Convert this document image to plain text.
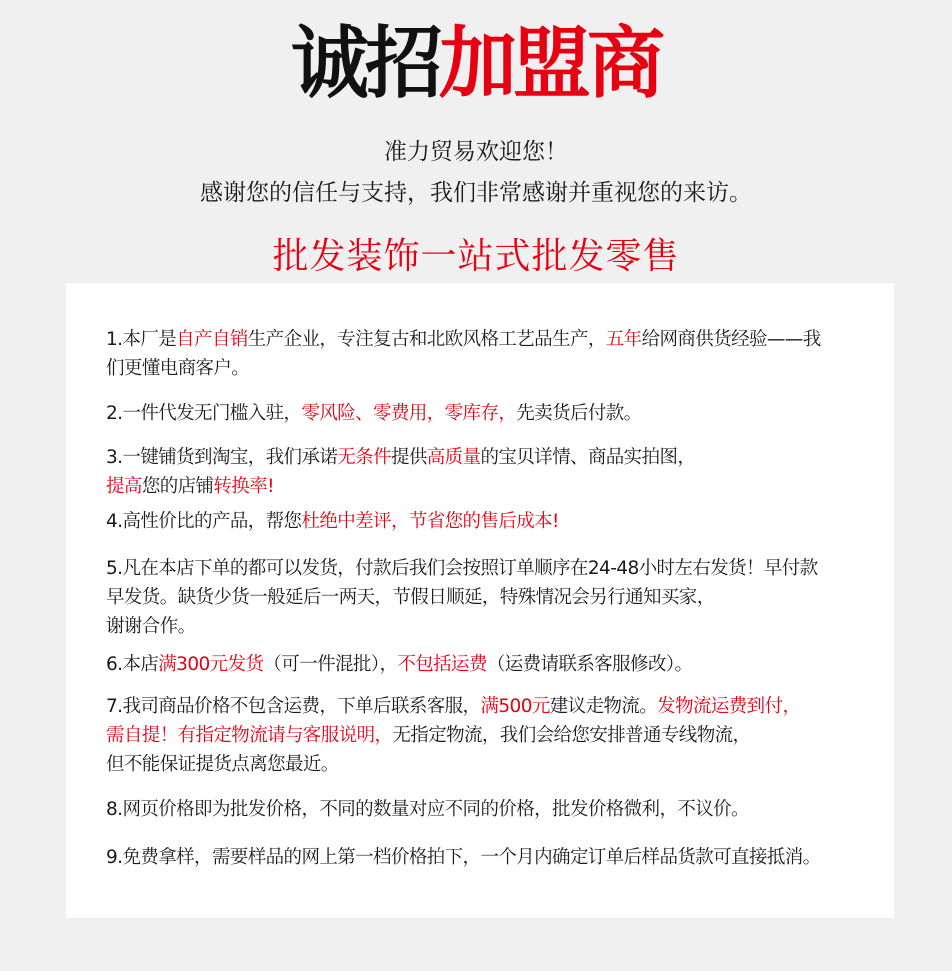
诚招加盟商
准力贸易欢迎您！
感谢您的信任与支持，我们非常感谢并重视您的来访。
批发装饰一站式批发零售
1.本厂是自产自销生产企业，专注复古和北欧风格工艺品生产，五年给网商供货经验——我
们更懂电商客户。
2.一件代发无门槛入驻，零风险、零费用，零库存，先卖货后付款。
3.一键铺货到淘宝，我们承诺无条件提供高质量的宝贝详情、商品实拍图，
提高您的店铺转换率!
4.高性价比的产品，帮您杜绝中差评，节省您的售后成本!
5.凡在本店下单的都可以发货，付款后我们会按照订单顺序在24-48小时左右发货！早付款
早发货。缺货少货一般延后一两天，节假日顺延，特殊情况会另行通知买家，
谢谢合作。
6.本店满300元发货（可一件混批），不包括运费（运费请联系客服修改）。
7.我司商品价格不包含运费，下单后联系客服，满500元建议走物流。发物流运费到付，
需自提！有指定物流请与客服说明，无指定物流，我们会给您安排普通专线物流，
但不能保证提货点离您最近。
8.网页价格即为批发价格，不同的数量对应不同的价格，批发价格微利，不议价。
9.免费拿样，需要样品的网上第一档价格拍下，一个月内确定订单后样品货款可直接抵消。
